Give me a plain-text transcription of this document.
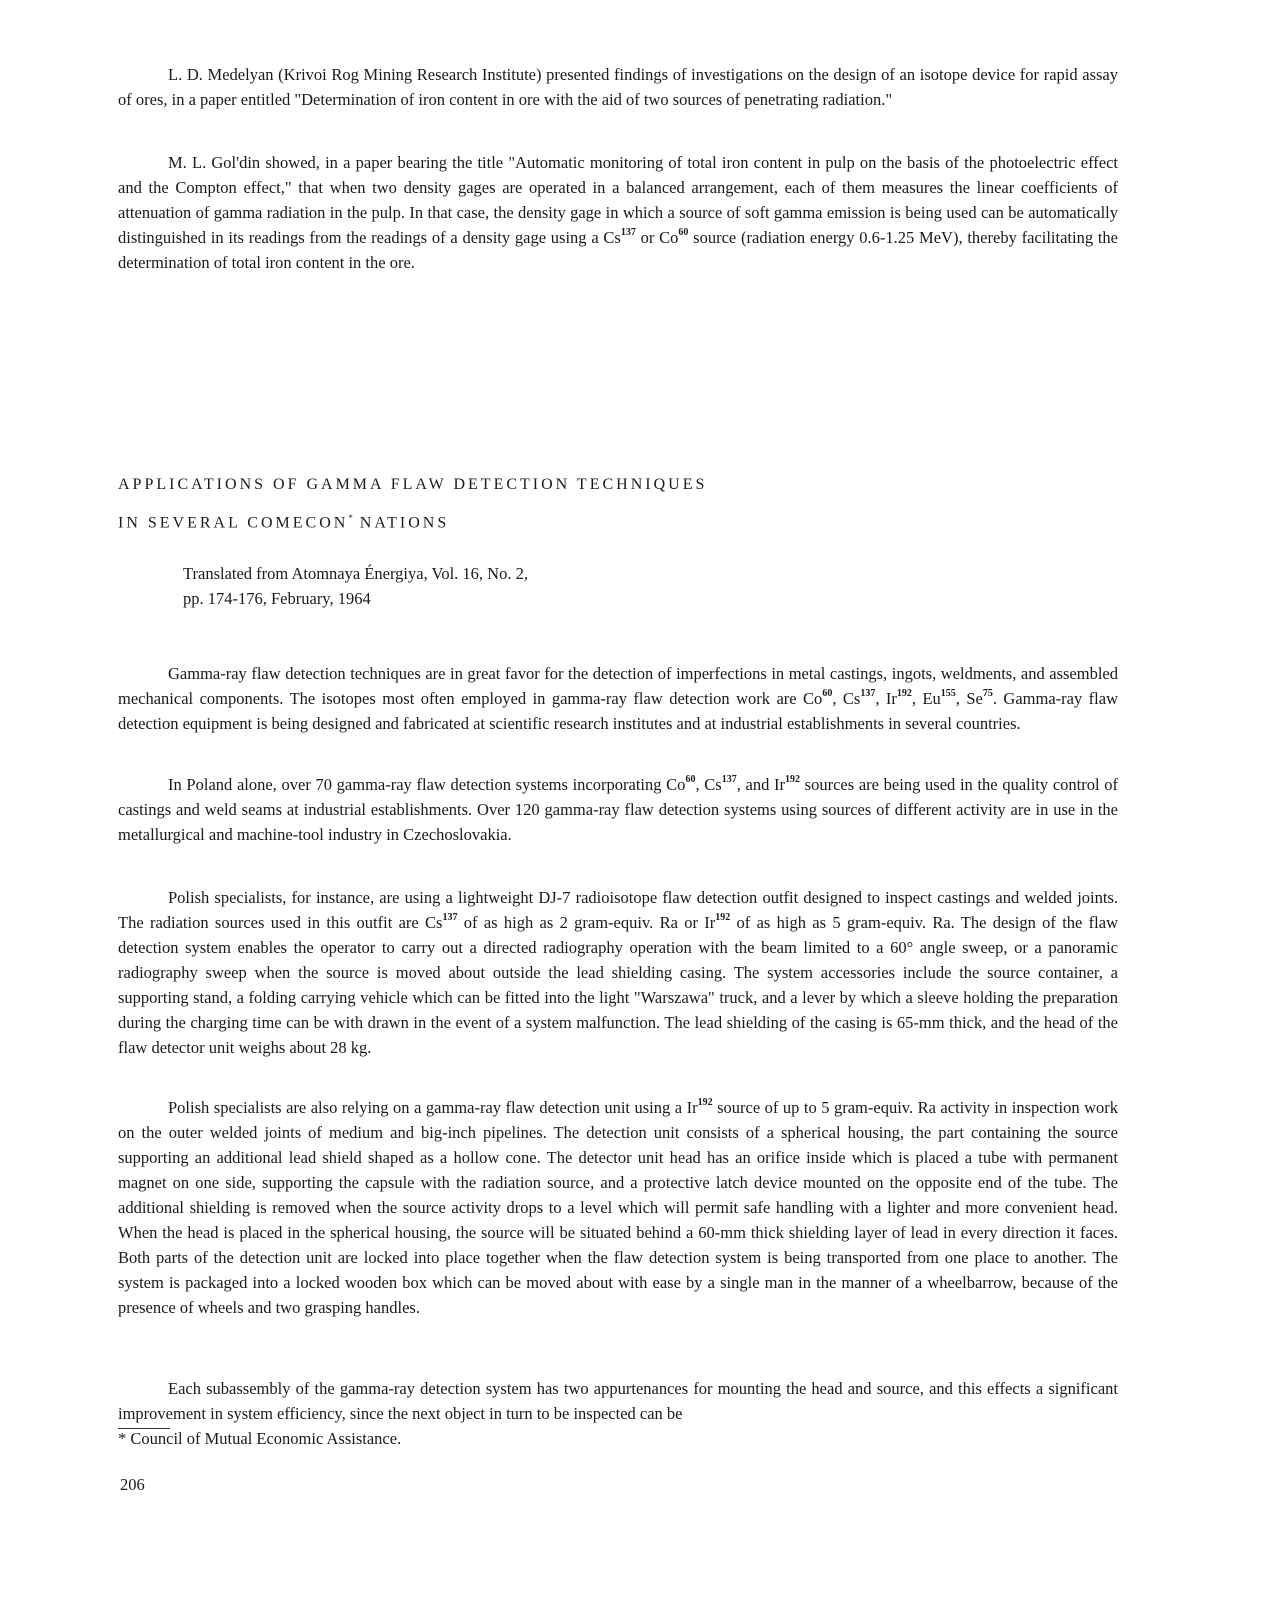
L. D. Medelyan (Krivoi Rog Mining Research Institute) presented findings of investigations on the design of an isotope device for rapid assay of ores, in a paper entitled "Determination of iron content in ore with the aid of two sources of penetrating radiation."

M. L. Gol'din showed, in a paper bearing the title "Automatic monitoring of total iron content in pulp on the basis of the photoelectric effect and the Compton effect," that when two density gages are operated in a balanced arrangement, each of them measures the linear coefficients of attenuation of gamma radiation in the pulp. In that case, the density gage in which a source of soft gamma emission is being used can be automatically distinguished in its readings from the readings of a density gage using a Cs$^{137}$ or Co$^{60}$ source (radiation energy 0.6-1.25 MeV), thereby facilitating the determination of total iron content in the ore.

APPLICATIONS OF GAMMA FLAW DETECTION TECHNIQUES
IN SEVERAL COMECON* NATIONS

Translated from Atomnaya Énergiya, Vol. 16, No. 2,
pp. 174-176, February, 1964

Gamma-ray flaw detection techniques are in great favor for the detection of imperfections in metal castings, ingots, weldments, and assembled mechanical components. The isotopes most often employed in gamma-ray flaw detection work are Co$^{60}$, Cs$^{137}$, Ir$^{192}$, Eu$^{155}$, Se$^{75}$. Gamma-ray flaw detection equipment is being designed and fabricated at scientific research institutes and at industrial establishments in several countries.

In Poland alone, over 70 gamma-ray flaw detection systems incorporating Co$^{60}$, Cs$^{137}$, and Ir$^{192}$ sources are being used in the quality control of castings and weld seams at industrial establishments. Over 120 gamma-ray flaw detection systems using sources of different activity are in use in the metallurgical and machine-tool industry in Czechoslovakia.

Polish specialists, for instance, are using a lightweight DJ-7 radioisotope flaw detection outfit designed to inspect castings and welded joints. The radiation sources used in this outfit are Cs$^{137}$ of as high as 2 gram-equiv. Ra or Ir$^{192}$ of as high as 5 gram-equiv. Ra. The design of the flaw detection system enables the operator to carry out a directed radiography operation with the beam limited to a 60° angle sweep, or a panoramic radiography sweep when the source is moved about outside the lead shielding casing. The system accessories include the source container, a supporting stand, a folding carrying vehicle which can be fitted into the light "Warszawa" truck, and a lever by which a sleeve holding the preparation during the charging time can be with drawn in the event of a system malfunction. The lead shielding of the casing is 65-mm thick, and the head of the flaw detector unit weighs about 28 kg.

Polish specialists are also relying on a gamma-ray flaw detection unit using a Ir$^{192}$ source of up to 5 gram-equiv. Ra activity in inspection work on the outer welded joints of medium and big-inch pipelines. The detection unit consists of a spherical housing, the part containing the source supporting an additional lead shield shaped as a hollow cone. The detector unit head has an orifice inside which is placed a tube with permanent magnet on one side, supporting the capsule with the radiation source, and a protective latch device mounted on the opposite end of the tube. The additional shielding is removed when the source activity drops to a level which will permit safe handling with a lighter and more convenient head. When the head is placed in the spherical housing, the source will be situated behind a 60-mm thick shielding layer of lead in every direction it faces. Both parts of the detection unit are locked into place together when the flaw detection system is being transported from one place to another. The system is packaged into a locked wooden box which can be moved about with ease by a single man in the manner of a wheelbarrow, because of the presence of wheels and two grasping handles.

Each subassembly of the gamma-ray detection system has two appurtenances for mounting the head and source, and this effects a significant improvement in system efficiency, since the next object in turn to be inspected can be

* Council of Mutual Economic Assistance.

206
